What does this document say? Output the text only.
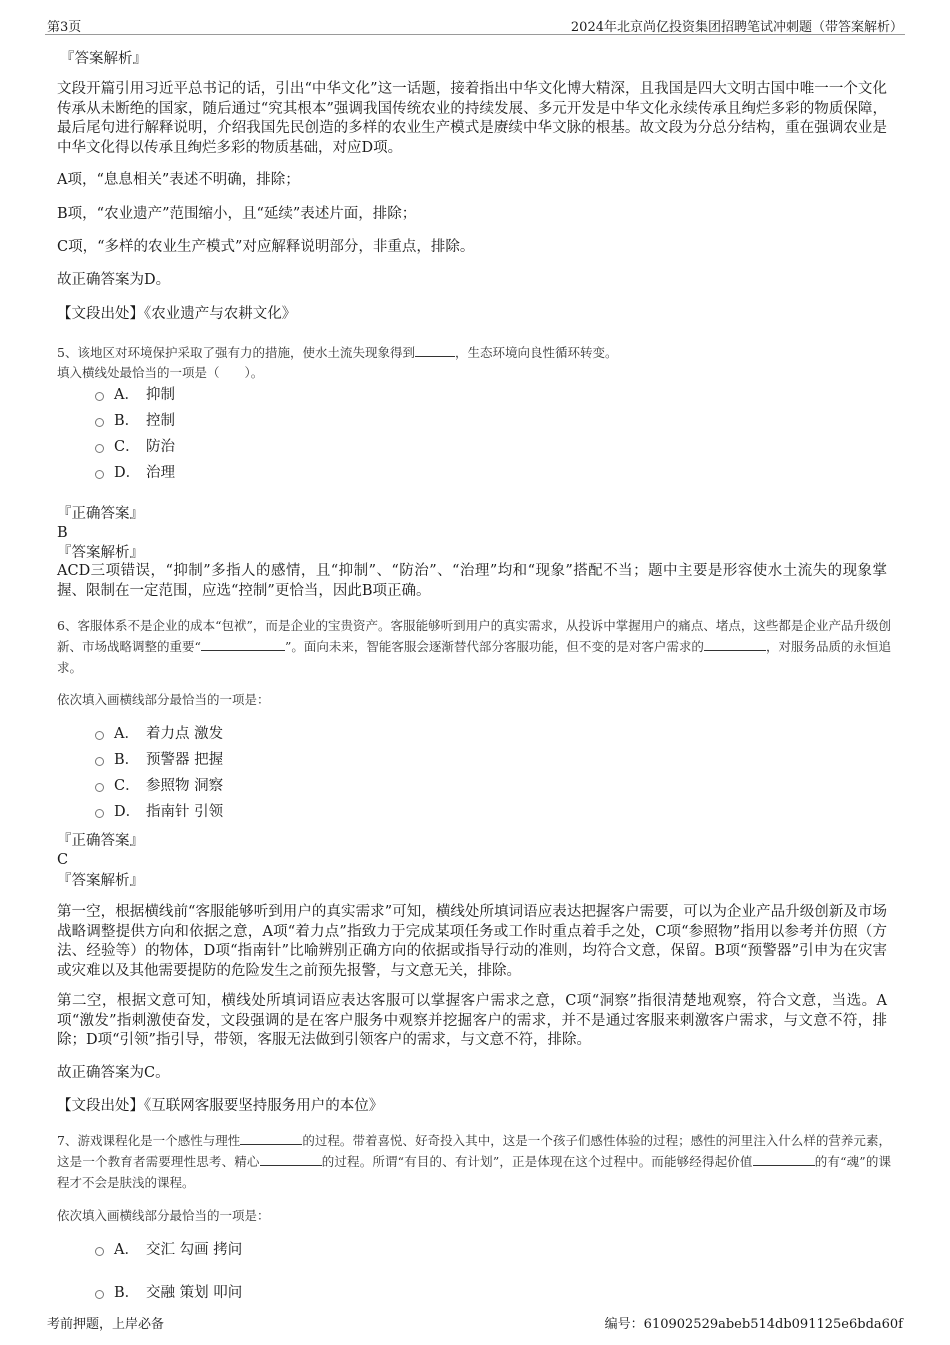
第3页	2024年北京尚亿投资集团招聘笔试冲刺题（带答案解析）
『答案解析』
文段开篇引用习近平总书记的话，引出“中华文化”这一话题，接着指出中华文化博大精深，且我国是四大文明古国中唯一一个文化传承从未断绝的国家，随后通过“究其根本”强调我国传统农业的持续发展、多元开发是中华文化永续传承且绚烂多彩的物质保障，最后尾句进行解释说明，介绍我国先民创造的多样的农业生产模式是赓续中华文脉的根基。故文段为分总分结构，重在强调农业是中华文化得以传承且绚烂多彩的物质基础，对应D项。
A项，“息息相关”表述不明确，排除；
B项，“农业遗产”范围缩小，且“延续”表述片面，排除；
C项，“多样的农业生产模式”对应解释说明部分，非重点，排除。
故正确答案为D。
【文段出处】《农业遗产与农耕文化》
5、该地区对环境保护采取了强有力的措施，使水土流失现象得到	，生态环境向良性循环转变。
填入横线处最恰当的一项是（　　）。
A． 抑制
B． 控制
C． 防治
D． 治理
『正确答案』
B
『答案解析』
ACD三项错误，“抑制”多指人的感情，且“抑制”、“防治”、“治理”均和“现象”搭配不当；题中主要是形容使水土流失的现象掌握、限制在一定范围，应选“控制”更恰当，因此B项正确。
6、客服体系不是企业的成本“包袱”，而是企业的宝贵资产。客服能够听到用户的真实需求，从投诉中掌握用户的痛点、堵点，这些都是企业产品升级创新、市场战略调整的重要“	”。面向未来，智能客服会逐渐替代部分客服功能，但不变的是对客户需求的	，对服务品质的永恒追求。
依次填入画横线部分最恰当的一项是：
A． 着力点 激发
B． 预警器 把握
C． 参照物 洞察
D． 指南针 引领
『正确答案』
C
『答案解析』
第一空，根据横线前“客服能够听到用户的真实需求”可知，横线处所填词语应表达把握客户需要，可以为企业产品升级创新及市场战略调整提供方向和依据之意，A项“着力点”指致力于完成某项任务或工作时重点着手之处，C项“参照物”指用以参考并仿照（方法、经验等）的物体，D项“指南针”比喻辨别正确方向的依据或指导行动的准则，均符合文意，保留。B项“预警器”引申为在灾害或灾难以及其他需要提防的危险发生之前预先报警，与文意无关，排除。
第二空，根据文意可知，横线处所填词语应表达客服可以掌握客户需求之意，C项“洞察”指很清楚地观察，符合文意，当选。A项“激发”指刺激使奋发，文段强调的是在客户服务中观察并挖掘客户的需求，并不是通过客服来刺激客户需求，与文意不符，排除；D项“引领”指引导，带领，客服无法做到引领客户的需求，与文意不符，排除。
故正确答案为C。
【文段出处】《互联网客服要坚持服务用户的本位》
7、游戏课程化是一个感性与理性	的过程。带着喜悦、好奇投入其中，这是一个孩子们感性体验的过程；感性的河里注入什么样的营养元素，这是一个教育者需要理性思考、精心	的过程。所谓“有目的、有计划”，正是体现在这个过程中。而能够经得起价值	的有“魂”的课程才不会是肤浅的课程。
依次填入画横线部分最恰当的一项是：
A． 交汇 勾画 拷问
B． 交融 策划 叩问
考前押题，上岸必备	编号：610902529abeb514db091125e6bda60f
